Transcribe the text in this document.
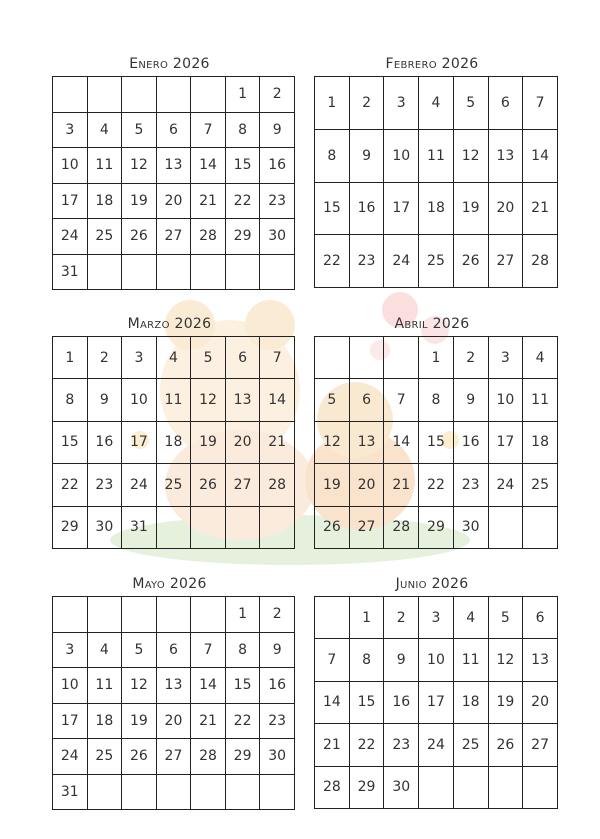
Enero 2026
					1	2
3	4	5	6	7	8	9
10	11	12	13	14	15	16
17	18	19	20	21	22	23
24	25	26	27	28	29	30
31						
Febrero 2026
1	2	3	4	5	6	7
8	9	10	11	12	13	14
15	16	17	18	19	20	21
22	23	24	25	26	27	28
Marzo 2026
1	2	3	4	5	6	7
8	9	10	11	12	13	14
15	16	17	18	19	20	21
22	23	24	25	26	27	28
29	30	31				
Abril 2026
			1	2	3	4
5	6	7	8	9	10	11
12	13	14	15	16	17	18
19	20	21	22	23	24	25
26	27	28	29	30		
Mayo 2026
					1	2
3	4	5	6	7	8	9
10	11	12	13	14	15	16
17	18	19	20	21	22	23
24	25	26	27	28	29	30
31						
Junio 2026
	1	2	3	4	5	6
7	8	9	10	11	12	13
14	15	16	17	18	19	20
21	22	23	24	25	26	27
28	29	30				
